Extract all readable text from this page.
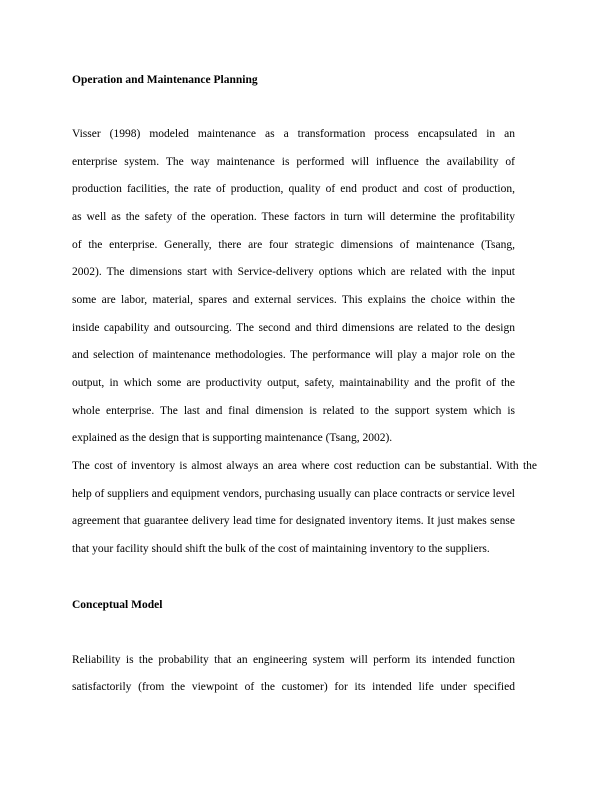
Operation and Maintenance Planning
Visser (1998) modeled maintenance as a transformation process encapsulated in an
enterprise system. The way maintenance is performed will influence the availability of
production facilities, the rate of production, quality of end product and cost of production,
as well as the safety of the operation. These factors in turn will determine the profitability
of the enterprise. Generally, there are four strategic dimensions of maintenance (Tsang,
2002). The dimensions start with Service-delivery options which are related with the input
some are labor, material, spares and external services. This explains the choice within the
inside capability and outsourcing. The second and third dimensions are related to the design
and selection of maintenance methodologies. The performance will play a major role on the
output, in which some are productivity output, safety, maintainability and the profit of the
whole enterprise. The last and final dimension is related to the support system which is
explained as the design that is supporting maintenance (Tsang, 2002).
The cost of inventory is almost always an area where cost reduction can be substantial. With the
help of suppliers and equipment vendors, purchasing usually can place contracts or service level
agreement that guarantee delivery lead time for designated inventory items. It just makes sense
that your facility should shift the bulk of the cost of maintaining inventory to the suppliers.
Conceptual Model
Reliability is the probability that an engineering system will perform its intended function
satisfactorily (from the viewpoint of the customer) for its intended life under specified
